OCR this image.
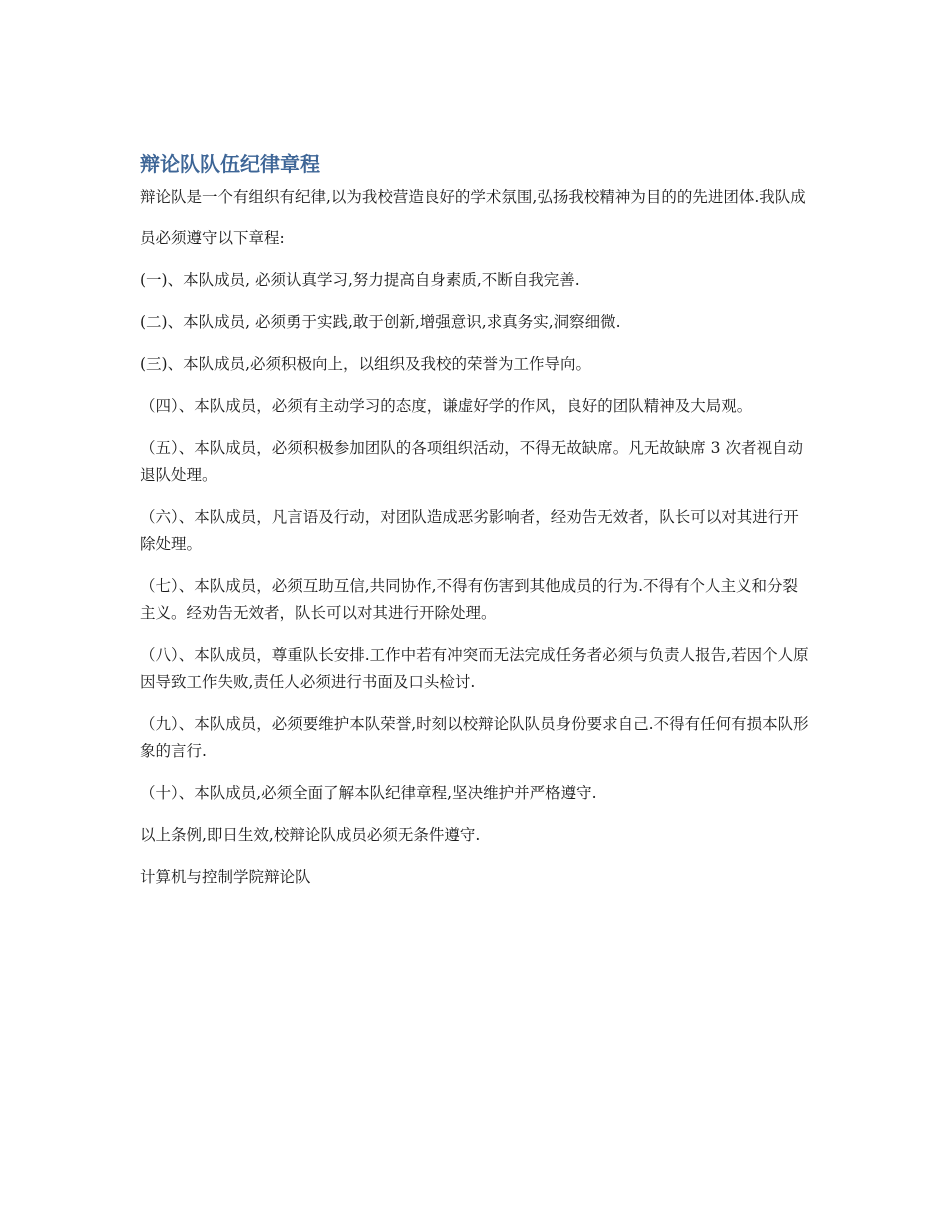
辩论队队伍纪律章程

辩论队是一个有组织有纪律,以为我校营造良好的学术氛围,弘扬我校精神为目的的先进团体.我队成

员必须遵守以下章程:

(一)、本队成员, 必须认真学习,努力提高自身素质,不断自我完善.

(二)、本队成员, 必须勇于实践,敢于创新,增强意识,求真务实,洞察细微.

(三)、本队成员,必须积极向上，以组织及我校的荣誉为工作导向。

（四）、本队成员，必须有主动学习的态度，谦虚好学的作风，良好的团队精神及大局观。

（五）、本队成员，必须积极参加团队的各项组织活动，不得无故缺席。凡无故缺席 3 次者视自动退队处理。

（六）、本队成员，凡言语及行动，对团队造成恶劣影响者，经劝告无效者，队长可以对其进行开除处理。

（七）、本队成员，必须互助互信,共同协作,不得有伤害到其他成员的行为.不得有个人主义和分裂主义。经劝告无效者，队长可以对其进行开除处理。

（八）、本队成员，尊重队长安排.工作中若有冲突而无法完成任务者必须与负责人报告,若因个人原因导致工作失败,责任人必须进行书面及口头检讨.

（九）、本队成员，必须要维护本队荣誉,时刻以校辩论队队员身份要求自己.不得有任何有损本队形象的言行.

（十）、本队成员,必须全面了解本队纪律章程,坚决维护并严格遵守.

以上条例,即日生效,校辩论队成员必须无条件遵守.

计算机与控制学院辩论队
